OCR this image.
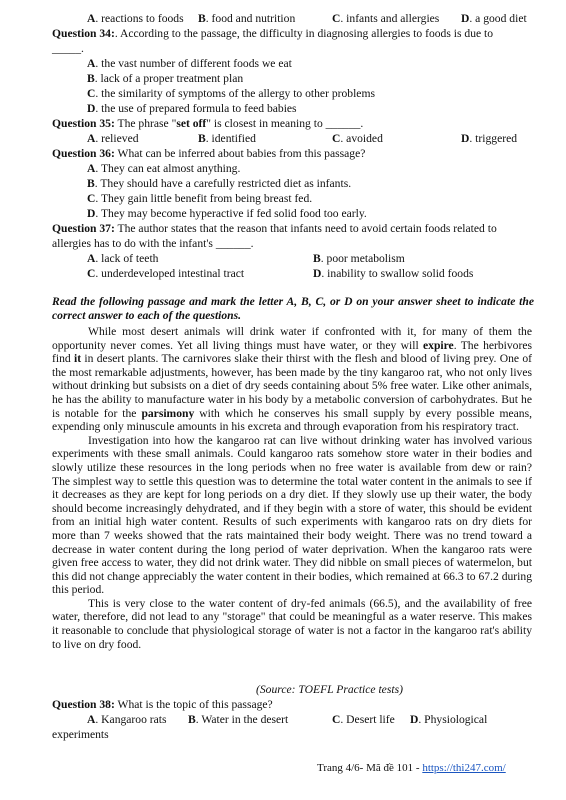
A. reactions to foods B. food and nutrition	C. infants and allergies D. a good diet
Question 34:. According to the passage, the difficulty in diagnosing allergies to foods is due to
_____.
A. the vast number of different foods we eat
B. lack of a proper treatment plan
C. the similarity of symptoms of the allergy to other problems
D. the use of prepared formula to feed babies
Question 35: The phrase "set off" is closest in meaning to ______.
A. relieved	B. identified	C. avoided	D. triggered
Question 36: What can be inferred about babies from this passage?
A. They can eat almost anything.
B. They should have a carefully restricted diet as infants.
C. They gain little benefit from being breast fed.
D. They may become hyperactive if fed solid food too early.
Question 37: The author states that the reason that infants need to avoid certain foods related to
allergies has to do with the infant's ______.
A. lack of teeth	B. poor metabolism
C. underdeveloped intestinal tract	D. inability to swallow solid foods
Read the following passage and mark the letter A, B, C, or D on your answer sheet to indicate the correct answer to each of the questions.

While most desert animals will drink water if confronted with it, for many of them the opportunity never comes. Yet all living things must have water, or they will expire. The herbivores find it in desert plants. The carnivores slake their thirst with the flesh and blood of living prey. One of the most remarkable adjustments, however, has been made by the tiny kangaroo rat, who not only lives without drinking but subsists on a diet of dry seeds containing about 5% free water. Like other animals, he has the ability to manufacture water in his body by a metabolic conversion of carbohydrates. But he is notable for the parsimony with which he conserves his small supply by every possible means, expending only minuscule amounts in his excreta and through evaporation from his respiratory tract.

Investigation into how the kangaroo rat can live without drinking water has involved various experiments with these small animals. Could kangaroo rats somehow store water in their bodies and slowly utilize these resources in the long periods when no free water is available from dew or rain? The simplest way to settle this question was to determine the total water content in the animals to see if it decreases as they are kept for long periods on a dry diet. If they slowly use up their water, the body should become increasingly dehydrated, and if they begin with a store of water, this should be evident from an initial high water content. Results of such experiments with kangaroo rats on dry diets for more than 7 weeks showed that the rats maintained their body weight. There was no trend toward a decrease in water content during the long period of water deprivation. When the kangaroo rats were given free access to water, they did not drink water. They did nibble on small pieces of watermelon, but this did not change appreciably the water content in their bodies, which remained at 66.3 to 67.2 during this period.

This is very close to the water content of dry-fed animals (66.5), and the availability of free water, therefore, did not lead to any "storage" that could be meaningful as a water reserve. This makes it reasonable to conclude that physiological storage of water is not a factor in the kangaroo rat's ability to live on dry food.

(Source: TOEFL Practice tests)
Question 38: What is the topic of this passage?
A. Kangaroo rats B. Water in the desert	C. Desert life D. Physiological
experiments
Trang 4/6- Mã đề 101 - https://thi247.com/
